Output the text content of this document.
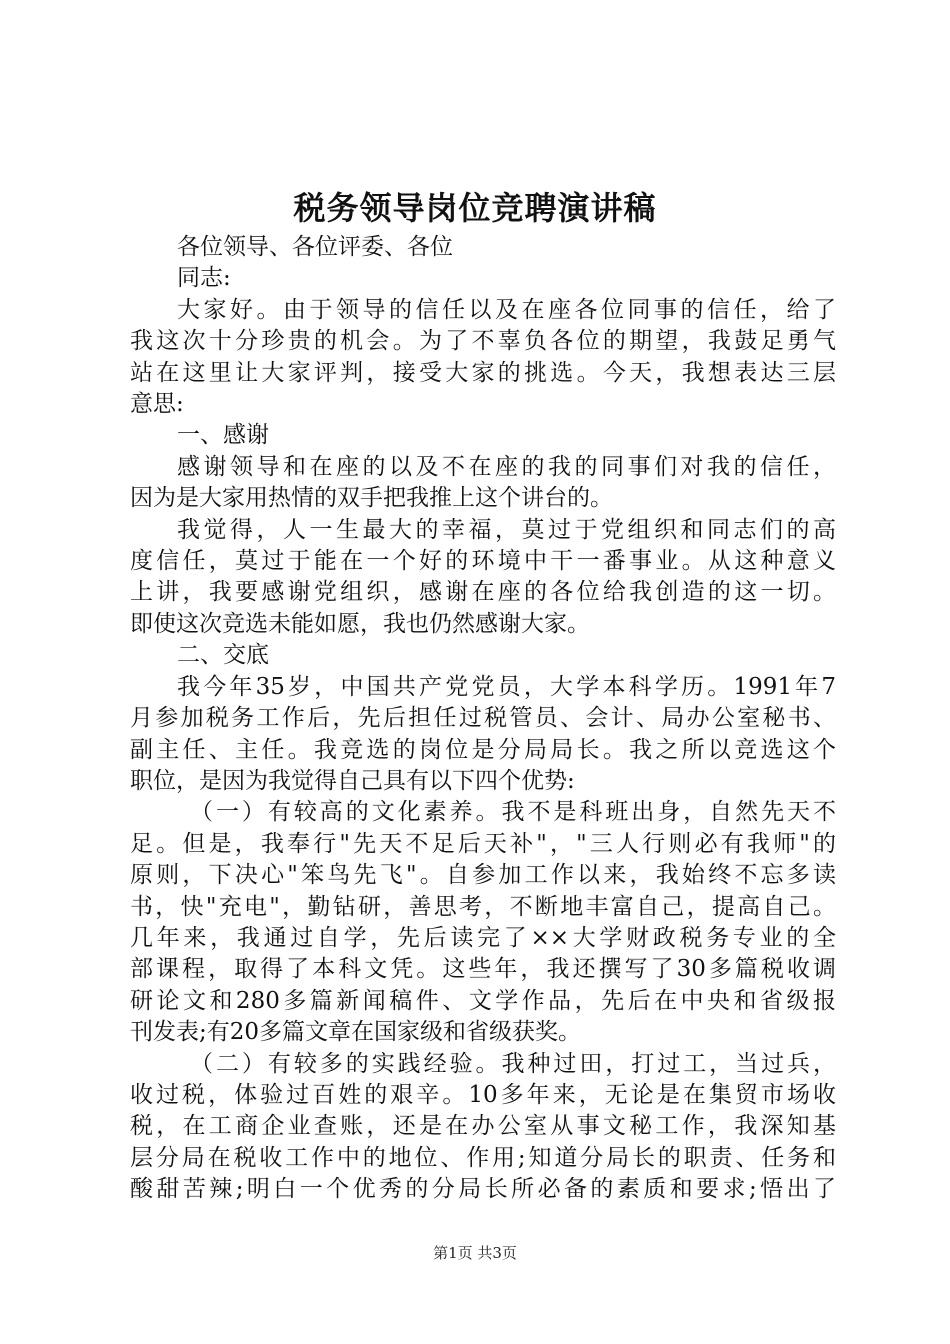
税务领导岗位竞聘演讲稿
各位领导、各位评委、各位
同志:
大家好。由于领导的信任以及在座各位同事的信任，给了
我这次十分珍贵的机会。为了不辜负各位的期望，我鼓足勇气
站在这里让大家评判，接受大家的挑选。今天，我想表达三层
意思:
一、感谢
感谢领导和在座的以及不在座的我的同事们对我的信任，
因为是大家用热情的双手把我推上这个讲台的。
我觉得，人一生最大的幸福，莫过于党组织和同志们的高
度信任，莫过于能在一个好的环境中干一番事业。从这种意义
上讲，我要感谢党组织，感谢在座的各位给我创造的这一切。
即使这次竞选未能如愿，我也仍然感谢大家。
二、交底
我今年35岁，中国共产党党员，大学本科学历。1991年7
月参加税务工作后，先后担任过税管员、会计、局办公室秘书、
副主任、主任。我竞选的岗位是分局局长。我之所以竞选这个
职位，是因为我觉得自己具有以下四个优势:
（一）有较高的文化素养。我不是科班出身，自然先天不
足。但是，我奉行"先天不足后天补"，"三人行则必有我师"的
原则，下决心"笨鸟先飞"。自参加工作以来，我始终不忘多读
书，快"充电"，勤钻研，善思考，不断地丰富自己，提高自己。
几年来，我通过自学，先后读完了××大学财政税务专业的全
部课程，取得了本科文凭。这些年，我还撰写了30多篇税收调
研论文和280多篇新闻稿件、文学作品，先后在中央和省级报
刊发表;有20多篇文章在国家级和省级获奖。
（二）有较多的实践经验。我种过田，打过工，当过兵，
收过税，体验过百姓的艰辛。10多年来，无论是在集贸市场收
税，在工商企业查账，还是在办公室从事文秘工作，我深知基
层分局在税收工作中的地位、作用;知道分局长的职责、任务和
酸甜苦辣;明白一个优秀的分局长所必备的素质和要求;悟出了
第1页 共3页
